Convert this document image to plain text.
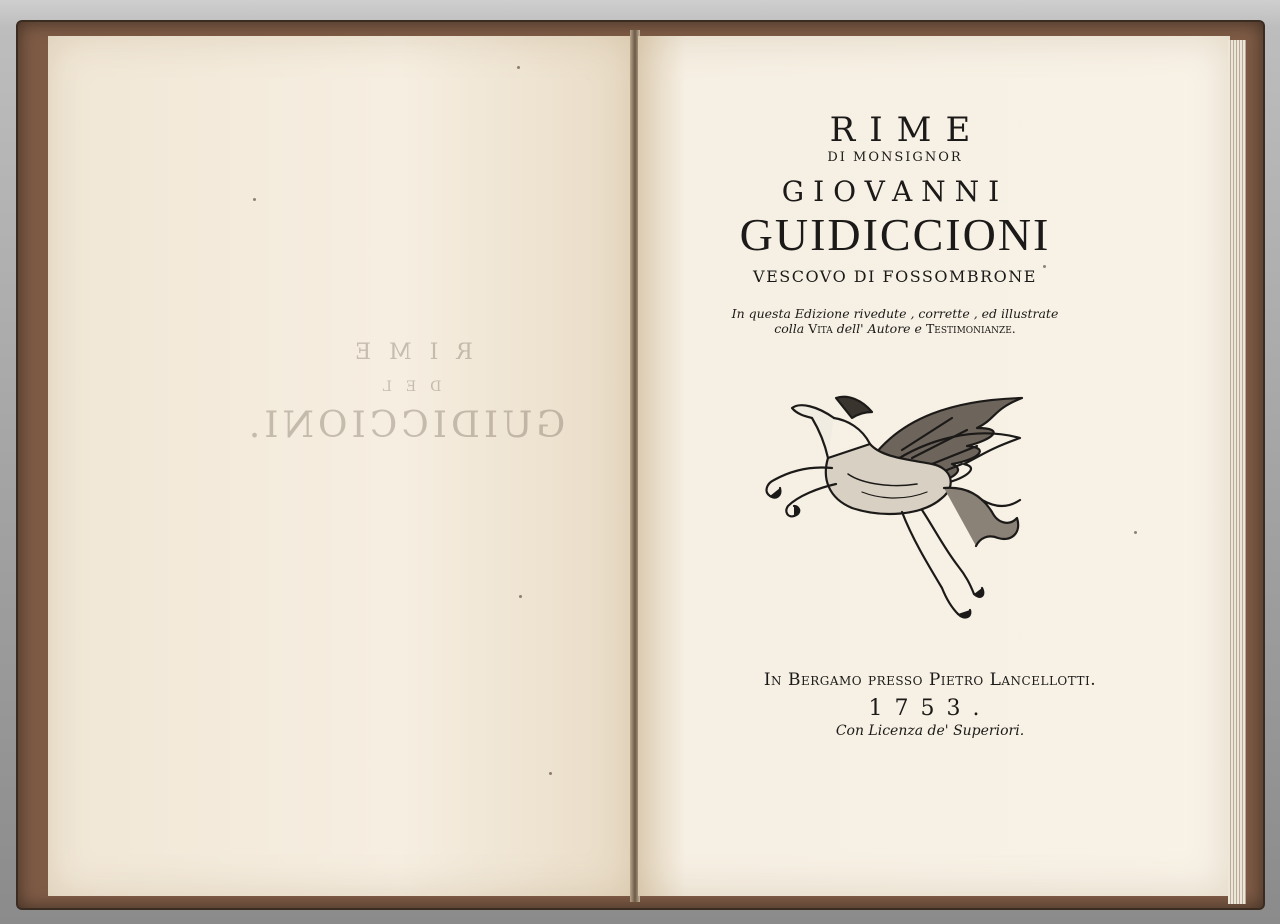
RIME
DEL
GUIDICCIONI.
RIME
DI MONSIGNOR
GIOVANNI
GUIDICCIONI
VESCOVO DI FOSSOMBRONE
In questa Edizione rivedute , corrette , ed illustrate
colla Vita dell' Autore e Testimonianze.
In Bergamo presso Pietro Lancellotti.
1753.
Con Licenza de' Superiori.
